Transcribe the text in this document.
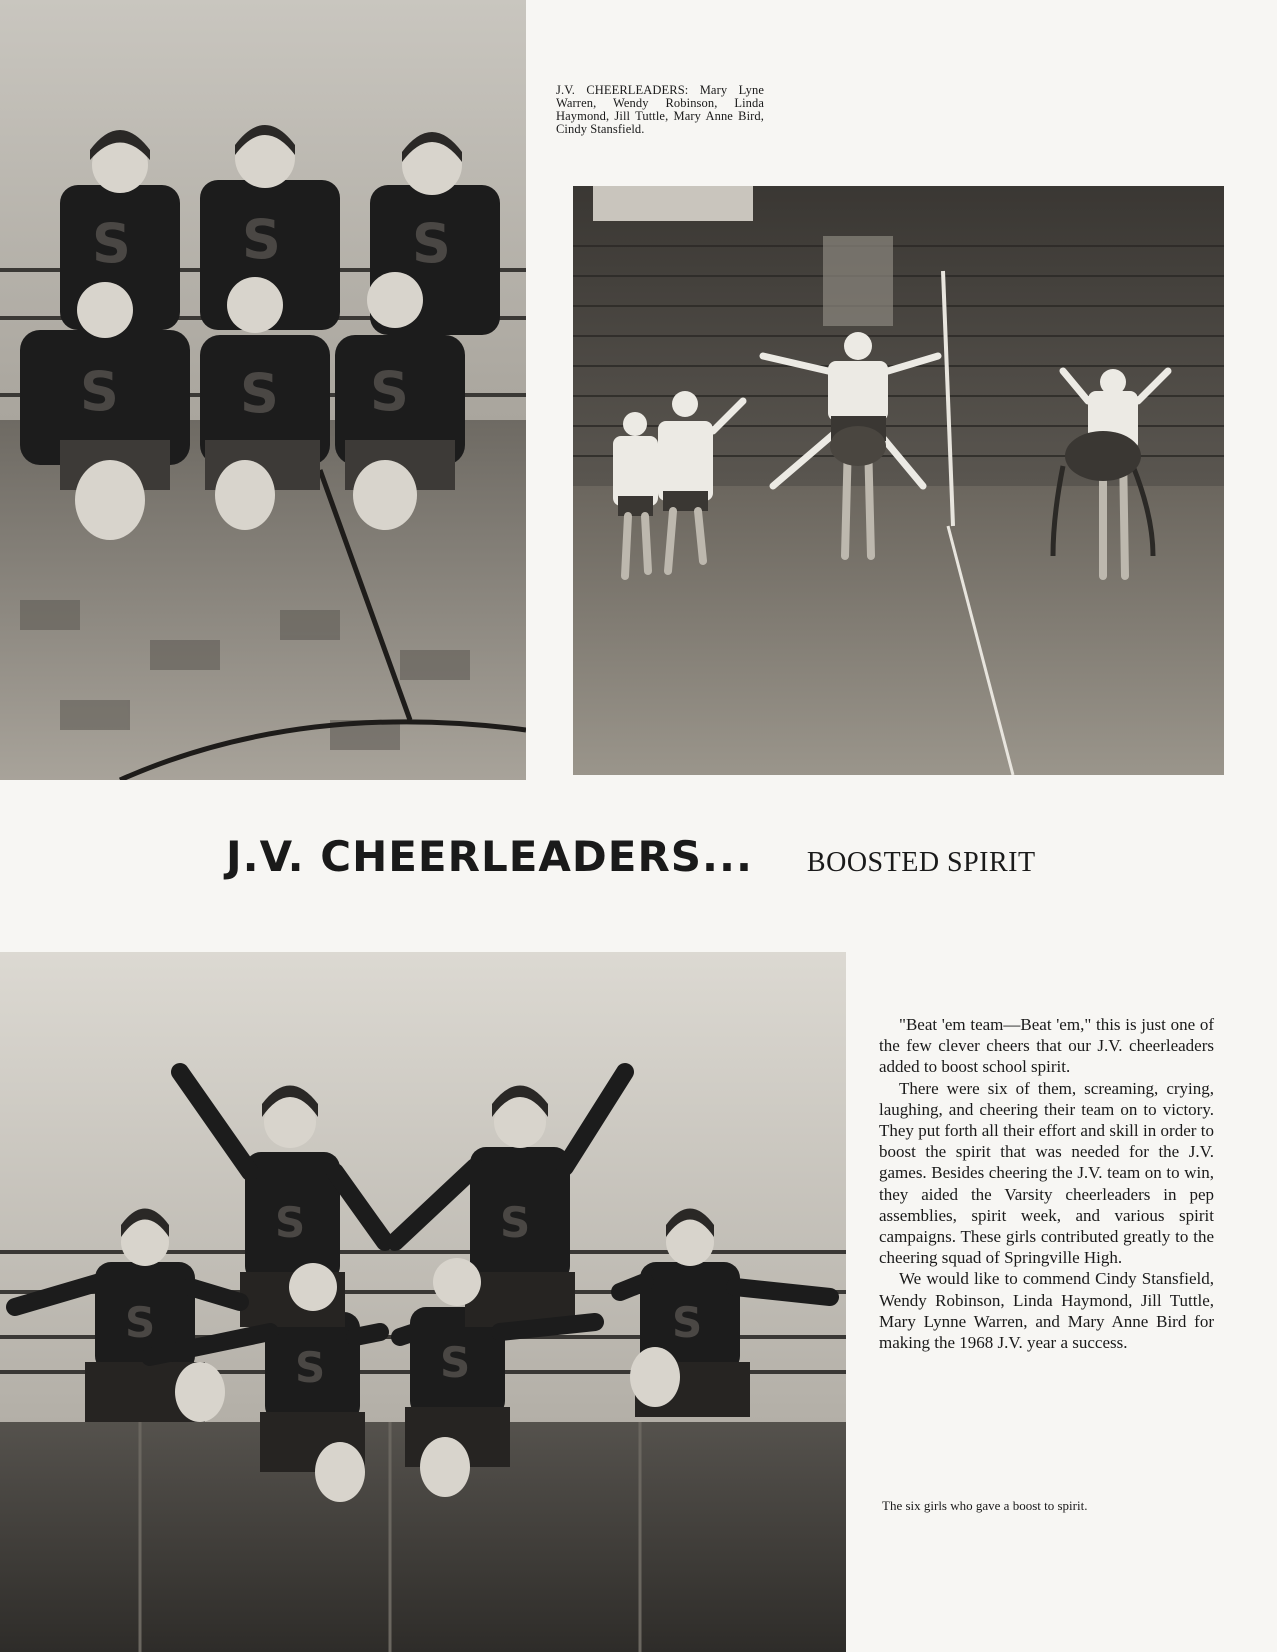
S S S
S S S
J.V. CHEERLEADERS: Mary Lyne Warren, Wendy Robinson, Linda Haymond, Jill Tuttle, Mary Anne Bird, Cindy Stansfield.
J.V. CHEERLEADERS... BOOSTED SPIRIT
S	S
S
S	S
S

"Beat 'em team—Beat 'em," this is just one of the few clever cheers that our J.V. cheerleaders added to boost school spirit.

There were six of them, screaming, crying, laughing, and cheering their team on to victory. They put forth all their effort and skill in order to boost the spirit that was needed for the J.V. games. Besides cheering the J.V. team on to win, they aided the Varsity cheerleaders in pep assemblies, spirit week, and various spirit campaigns. These girls contributed greatly to the cheering squad of Springville High.

We would like to commend Cindy Stansfield, Wendy Robinson, Linda Haymond, Jill Tuttle, Mary Lynne Warren, and Mary Anne Bird for making the 1968 J.V. year a success.

The six girls who gave a boost to spirit.
